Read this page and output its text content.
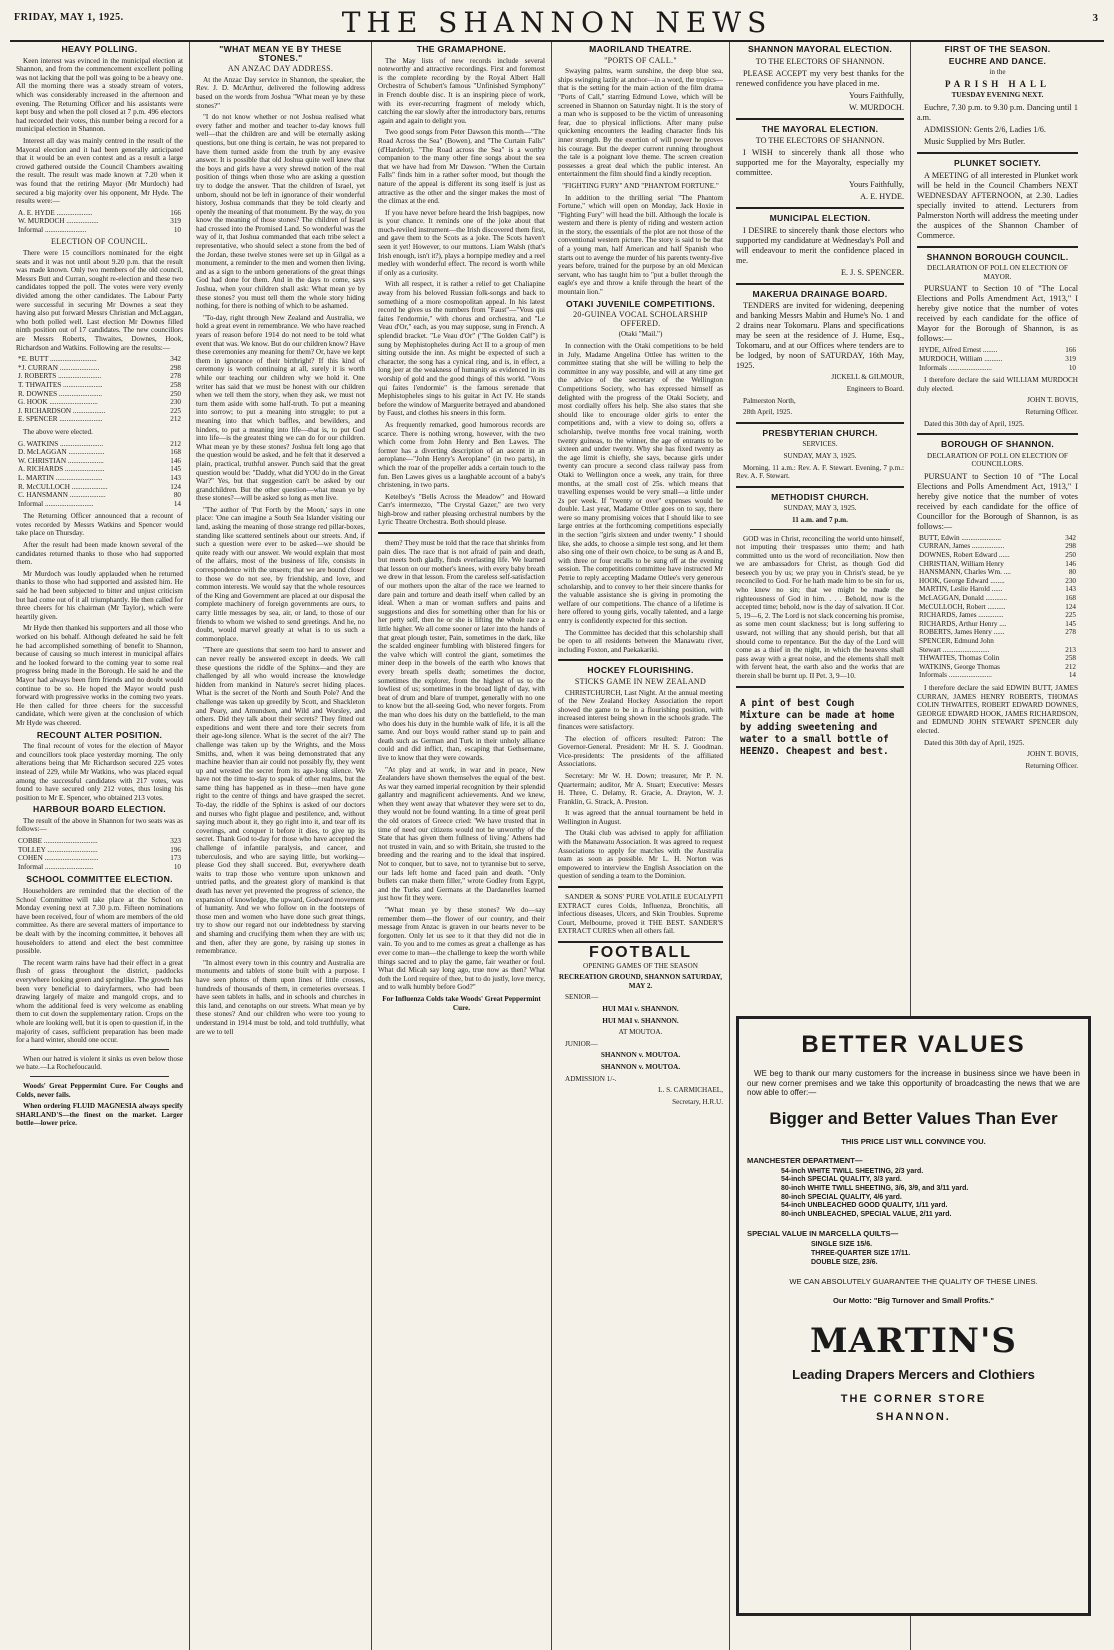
FRIDAY, MAY 1, 1925.	THE SHANNON NEWS	3
HEAVY POLLING.

Keen interest was evinced in the municipal election at Shannon, and from the commencement excellent polling was not lacking that the poll was going to be a heavy one. All the morning there was a steady stream of voters, which was considerably increased in the afternoon and evening. The Returning Officer and his assistants were kept busy and when the poll closed at 7 p.m. 496 electors had recorded their votes, this number being a record for a municipal election in Shannon.

Interest all day was mainly centred in the result of the Mayoral election and it had been generally anticipated that it would be an even contest and as a result a large crowd gathered outside the Council Chambers awaiting the result. The result was made known at 7.20 when it was found that the retiring Mayor (Mr Murdoch) had secured a big majority over his opponent, Mr Hyde. The results were:—

A. E. HYDE ....................	166
W. MURDOCH ..................	319
Informal .......................	10
ELECTION OF COUNCIL.

There were 15 councillors nominated for the eight seats and it was not until about 9.20 p.m. that the result was made known. Only two members of the old council, Messrs Butt and Curran, sought re-election and these two candidates topped the poll. The votes were very evenly divided among the other candidates. The Labour Party were successful in securing Mr Downes a seat they having also put forward Messrs Christian and McLaggan, who both polled well. Last election Mr Downes filled ninth position out of 17 candidates. The new councillors are Messrs Roberts, Thwaites, Downes, Hook, Richardson and Watkins. Following are the results:—

*E. BUTT ..........................	342
*J. CURRAN ......................	298
J. ROBERTS ........................	278
T. THWAITES ......................	258
R. DOWNES ........................	250
G. HOOK ...........................	230
J. RICHARDSON ..................	225
E. SPENCER ........................	212

The above were elected.

G. WATKINS ........................	212
D. McLAGGAN ....................	168
W. CHRISTIAN ....................	146
A. RICHARDS ......................	145
L. MARTIN ..........................	143
R. McCULLOCH ....................	124
C. HANSMANN ....................	80
Informal ...........................	14

The Returning Officer announced that a recount of votes recorded by Messrs Watkins and Spencer would take place on Thursday.

After the result had been made known several of the candidates returned thanks to those who had supported them.

Mr Murdoch was loudly applauded when he returned thanks to those who had supported and assisted him. He said he had been subjected to bitter and unjust criticism but had come out of it all triumphantly. He then called for three cheers for his chairman (Mr Taylor), which were heartily given.

Mr Hyde then thanked his supporters and all those who worked on his behalf. Although defeated he said he felt he had accomplished something of benefit to Shannon, because of causing so much interest in municipal affairs and he looked forward to the coming year to some real progress being made in the Borough. He said he and the Mayor had always been firm friends and no doubt would continue to be so. He hoped the Mayor would push forward with progressive works in the coming two years. He then called for three cheers for the successful candidate, which were given at the conclusion of which Mr Hyde was cheered.

RECOUNT ALTER POSITION.

The final recount of votes for the election of Mayor and councillors took place yesterday morning. The only alterations being that Mr Richardson secured 225 votes instead of 229, while Mr Watkins, who was placed equal among the successful candidates with 217 votes, was found to have secured only 212 votes, thus losing his position to Mr E. Spencer, who obtained 213 votes.

HARBOUR BOARD ELECTION.

The result of the above in Shannon for two seats was as follows:—

COBBE ..............................	323
TOLLEY ............................	196
COHEN ..............................	173
Informal ...........................	10
SCHOOL COMMITTEE ELECTION.

Householders are reminded that the election of the School Committee will take place at the School on Monday evening next at 7.30 p.m. Fifteen nominations have been received, four of whom are members of the old committee. As there are several matters of importance to be dealt with by the incoming committee, it behoves all householders to attend and elect the best committee possible.

The recent warm rains have had their effect in a great flush of grass throughout the district, paddocks everywhere looking green and springlike. The growth has been very beneficial to dairyfarmers, who had been drawing largely of maize and mangold crops, and to whom the additional feed is very welcome as enabling them to cut down the supplementary ration. Crops on the whole are looking well, but it is open to question if, in the majority of cases, sufficient preparation has been made for a hard winter, should one occur.

When our hatred is violent it sinks us even below those we hate.—La Rochefoucauld.

Woods' Great Peppermint Cure. For Coughs and Colds, never fails.

When ordering FLUID MAGNESIA always specify SHARLAND'S—the finest on the market. Larger bottle—lower price.

"WHAT MEAN YE BY THESE STONES."
AN ANZAC DAY ADDRESS.

At the Anzac Day service in Shannon, the speaker, the Rev. J. D. McArthur, delivered the following address based on the words from Joshua "What mean ye by these stones?"

"I do not know whether or not Joshua realised what every father and mother and teacher to-day knows full well—that the children are and will be eternally asking questions, but one thing is certain, he was not prepared to have them turned aside from the truth by any evasive answer. It is possible that old Joshua quite well knew that the boys and girls have a very shrewd notion of the real position of things when those who are asking a question try to dodge the answer. That the children of Israel, yet unborn, should not be left in ignorance of their wonderful history, Joshua commands that they be told clearly and openly the meaning of that monument. By the way, do you know the meaning of those stones? The children of Israel had crossed into the Promised Land. So wonderful was the way of it, that Joshua commanded that each tribe select a representative, who should select a stone from the bed of the Jordan, these twelve stones were set up in Gilgal as a monument, a reminder to the men and women then living, and as a sign to the unborn generations of the great things God had done for them. And in the days to come, says Joshua, when your children shall ask: What mean ye by these stones? you must tell them the whole story hiding nothing, for there is nothing of which to be ashamed.

"To-day, right through New Zealand and Australia, we hold a great event in remembrance. We who have reached years of reason before 1914 do not need to be told what event that was. We know. But do our children know? Have these ceremonies any meaning for them? Or, have we kept them in ignorance of their birthright? If this kind of ceremony is worth continuing at all, surely it is worth while our teaching our children why we hold it. One writer has said that we must be honest with our children when we tell them the story, when they ask, we must not turn them aside with some half-truth. To put a meaning into sorrow; to put a meaning into struggle; to put a meaning into that which baffles, and bewilders, and hinders, to put a meaning into life—that is, to put God into life—is the greatest thing we can do for our children. What mean ye by these stones? Joshua felt long ago that the question would be asked, and he felt that it deserved a plain, practical, truthful answer. Punch said that the great question would be: "Daddy, what did YOU do in the Great War?" Yes, but that suggestion can't be asked by our grandchildren. But the other question—what mean ye by these stones?—will be asked so long as men live.

"The author of 'Put Forth by the Moon,' says in one place: 'One can imagine a South Sea Islander visiting our land, asking the meaning of those strange red pillar-boxes, standing like scattered sentinels about our streets. And, if such a question were ever to be asked—we should be quite ready with our answer. We would explain that most of the affairs, most of the business of life, consists in correspondence with the unseen; that we are bound closer to those we do not see, by friendship, and love, and common interests. We would say that the whole resources of the King and Government are placed at our disposal the complete machinery of foreign governments are ours, to carry little messages by sea, air, or land, to those of our friends to whom we wished to send greetings. And he, no doubt, would marvel greatly at what is to us such a commonplace.

"There are questions that seem too hard to answer and can never really be answered except in deeds. We call these questions the riddle of the Sphinx—and they are challenged by all who would increase the knowledge hidden from mankind in Nature's secret hiding places. What is the secret of the North and South Pole? And the challenge was taken up greedily by Scott, and Shackleton and Peary, and Amundsen, and Wild and Worsley, and others. Did they talk about their secrets? They fitted out expeditions and went there and tore their secrets from their age-long silence. What is the secret of the air? The challenge was taken up by the Wrights, and the Moss Smiths, and, when it was being demonstrated that any machine heavier than air could not possibly fly, they went up and wrested the secret from its age-long silence. We have not the time to-day to speak of other realms, but the same thing has happened as in these—men have gone right to the centre of things and have grasped the secret. To-day, the riddle of the Sphinx is asked of our doctors and nurses who fight plague and pestilence, and, without saying much about it, they go right into it, and tear off its coverings, and conquer it before it dies, to give up its secret. Thank God to-day for those who have accepted the challenge of infantile paralysis, and cancer, and tuberculosis, and who are saying little, but working—please God they shall succeed. But, everywhere death waits to trap those who venture upon unknown and untried paths, and the greatest glory of mankind is that death has never yet prevented the progress of science, the expansion of knowledge, the upward, Godward movement of humanity. And we who follow on in the footsteps of those men and women who have done such great things, try to show our regard not our indebtedness by starving and shaming and crucifying them when they are with us; and then, after they are gone, by raising up stones in remembrance.

"In almost every town in this country and Australia are monuments and tablets of stone built with a purpose. I have seen photos of them upon lines of little crosses, hundreds of thousands of them, in cemeteries overseas. I have seen tablets in halls, and in schools and churches in this land, and cenotaphs on our streets. What mean ye by these stones? And our children who were too young to understand in 1914 must be told, and told truthfully, what are we to tell

THE GRAMAPHONE.

The May lists of new records include several noteworthy and attractive recordings. First and foremost is the complete recording by the Royal Albert Hall Orchestra of Schubert's famous "Unfinished Symphony" in French double disc. It is an inspiring piece of work, with its ever-recurring fragment of melody which, catching the ear slowly after the introductory bars, returns again and again to delight you.

Two good songs from Peter Dawson this month—"The Road Across the Sea" (Bowen), and "The Curtain Falls" (d'Hardelot). "The Road across the Sea" is a worthy companion to the many other fine songs about the sea that we have had from Mr Dawson. "When the Curtain Falls" finds him in a rather softer mood, but though the nature of the appeal is different its song itself is just as attractive as the other and the singer makes the most of the climax at the end.

If you have never before heard the Irish bagpipes, now is your chance. It reminds one of the joke about that much-reviled instrument—the Irish discovered them first, and gave them to the Scots as a joke. The Scots haven't seen it yet! However, to our muttons. Liam Walsh (that's Irish enough, isn't it?), plays a hornpipe medley and a reel medley with wonderful effect. The record is worth while if only as a curiosity.

With all respect, it is rather a relief to get Chaliapine away from his beloved Russian folk-songs and back to something of a more cosmopolitan appeal. In his latest record he gives us the numbers from "Faust"—"Vous qui faites l'endormie," with chorus and orchestra, and "Le Veau d'Or," each, as you may suppose, sung in French. A splendid bracket. "Le Veau d'Or" ("The Golden Calf") is sung by Mephistopheles during Act II to a group of men sitting outside the inn. As might be expected of such a character, the song has a cynical ring, and is, in effect, a long jeer at the weakness of humanity as evidenced in its worship of gold and the good things of this world. "Vous qui faites l'endormie" is the famous serenade that Mephistopheles sings to his guitar in Act IV. He stands before the window of Marguerite betrayed and abandoned by Faust, and clothes his sneers in this form.

As frequently remarked, good humorous records are scarce. There is nothing wrong, however, with the two which come from John Henry and Ben Lawes. The former has a diverting description of an ascent in an aeroplane—"John Henry's Aeroplane" (in two parts), in which the roar of the propeller adds a certain touch to the fun. Ben Lawes gives us a laughable account of a baby's christening, in two parts.

Ketelbey's "Bells Across the Meadow" and Howard Carr's intermezzo, "The Crystal Gazer," are two very high-brow and rather pleasing orchestral numbers by the Lyric Theatre Orchestra. Both should please.

them? They must be told that the race that shrinks from pain dies. The race that is not afraid of pain and death, but meets both gladly, finds everlasting life. We learned that lesson on our mother's knees, with every baby breath we drew in that lesson. From the careless self-satisfaction of our mothers upon the altar of the race we learned to dare pain and torture and death itself when called by an ideal. When a man or woman suffers and pains and suggestions and dies for something other than for his or her petty self, then he or she is lifting the whole race a little higher. We all come sooner or later into the hands of that great plough tester, Pain, sometimes in the dark, like the scalded engineer fumbling with blistered fingers for the valve which will control the giant, sometimes the miner deep in the bowels of the earth who knows that every breath spells death; sometimes the doctor, sometimes the explorer, from the highest of us to the lowliest of us; sometimes in the broad light of day, with beat of drum and blare of trumpet, generally with no one to know but the all-seeing God, who never forgets. From the man who does his duty on the battlefield, to the man who does his duty in the humble walk of life, it is all the same. And our boys would rather stand up to pain and death such as German and Turk in their unholy alliance could and did inflict, than, escaping that Gethsemane, live to know that they were cowards.

"At play and at work, in war and in peace, New Zealanders have shown themselves the equal of the best. As war they earned imperial recognition by their splendid gallantry and magnificent achievements. And we knew, when they went away that whatever they were set to do, they would not be found wanting. In a time of great peril the old orators of Greece cried: 'We have trusted that in time of need our citizens would not be unworthy of the State that has given them fullness of living.' Athens had not trusted in vain, and so with Britain, she trusted to the breeding and the rearing and to the ideal that inspired. Not to conquer, but to save, not to tyrannise but to serve, our lads left home and faced pain and death. "Only bullets can make them filler," wrote Godley from Egypt, and the Turks and Germans at the Dardanelles learned just how fit they were.

"What mean ye by these stones? We do—say remember them—the flower of our country, and their message from Anzac is graven in our hearts never to be forgotten. Only let us see to it that they did not die in vain. To you and to me comes as great a challenge as has ever come to man—the challenge to keep the worth while things sacred and to play the game, fair weather or foul. What did Micah say long ago, true now as then? What doth the Lord require of thee, but to do justly, love mercy, and to walk humbly before God?"

For Influenza Colds take Woods' Great Peppermint Cure.

MAORILAND THEATRE.
"PORTS OF CALL."

Swaying palms, warm sunshine, the deep blue sea, ships swinging lazily at anchor—in a word, the tropics—that is the setting for the main action of the film drama "Ports of Call," starring Edmund Lowe, which will be screened in Shannon on Saturday night. It is the story of a man who is supposed to be the victim of unreasoning fear, due to physical inflictions. After many pulse quickening encounters the leading character finds his inner strength. By the exertion of will power he proves his courage. But the deeper current running throughout the tale is a poignant love theme. The screen creation possesses a great deal which the public interest. An entertainment the film should find a kindly reception.

"FIGHTING FURY" AND "PHANTOM FORTUNE."

In addition to the thrilling serial "The Phantom Fortune," which will open on Monday, Jack Hoxie in "Fighting Fury" will head the bill. Although the locale is western and there is plenty of riding and western action in the story, the essentials of the plot are not those of the conventional western picture. The story is said to be that of a young man, half American and half Spanish who starts out to avenge the murder of his parents twenty-five years before, trained for the purpose by an old Mexican servant, who has taught him to "put a bullet through the eagle's eye and throw a knife through the heart of the mountain lion."

OTAKI JUVENILE COMPETITIONS.
20-GUINEA VOCAL SCHOLARSHIP OFFERED.

(Otaki "Mail.")

In connection with the Otaki competitions to be held in July, Madame Angelina Ottlee has written to the committee stating that she will be willing to help the committee in any way possible, and will at any time get the advice of the secretary of the Wellington Competitions Society, who has expressed himself as delighted with the progress of the Otaki Society, and most cordially offers his help. She also states that she should like to encourage older girls to enter the competitions and, with a view to doing so, offers a scholarship, twelve months free vocal training, worth twenty guineas, to the winner, the age of entrants to be sixteen and under twenty. Why she has fixed twenty as the age limit is chiefly, she says, because girls under twenty can procure a second class railway pass from Otaki to Wellington once a week, any train, for three months, at the small cost of 25s. which means that travelling expenses would be very small—a little under 2s per week. If "twenty or over" expenses would be double. Last year, Madame Ottlee goes on to say, there were so many promising voices that I should like to see large entries at the forthcoming competitions especially in the section "girls sixteen and under twenty." I should like, she adds, to choose a simple test song, and let them also sing one of their own choice, to be sung as A and B, with three or four recalls to be sung off at the evening session. The competitions committee have instructed Mr Petrie to reply accepting Madame Ottlee's very generous scholarship, and to convey to her their sincere thanks for the valuable assistance she is giving in promoting the welfare of our competitions. The chance of a lifetime is here offered to young girls, vocally talented, and a large entry is confidently expected for this section.

The Committee has decided that this scholarship shall be open to all residents between the Manawatu river, including Foxton, and Paekakariki.

HOCKEY FLOURISHING.
STICKS GAME IN NEW ZEALAND

CHRISTCHURCH, Last Night. At the annual meeting of the New Zealand Hockey Association the report showed the game to be in a flourishing position, with increased interest being shown in the schools grade. The finances were satisfactory.

The election of officers resulted: Patron: The Governor-General. President: Mr H. S. J. Goodman. Vice-presidents: The presidents of the affiliated Associations.

Secretary: Mr W. H. Down; treasurer, Mr P. N. Quartermain; auditor, Mr A. Stuart; Executive: Messrs H. Three, C. Delamy, R. Gracie, A. Drayton, W. J. Franklin, G. Strack, A. Preston.

It was agreed that the annual tournament be held in Wellington in August.

The Otaki club was advised to apply for affiliation with the Manawatu Association. It was agreed to request Associations to apply for matches with the Australia team as soon as possible. Mr L. H. Norton was empowered to interview the English Association on the question of sending a team to the Dominion.

SANDER & SONS' PURE VOLATILE EUCALYPTI EXTRACT cures Colds, Influenza, Bronchitis, all infectious diseases, Ulcers, and Skin Troubles. Supreme Court, Melbourne, proved it THE BEST. SANDER'S EXTRACT CURES when all others fail.

FOOTBALL

OPENING GAMES OF THE SEASON

RECREATION GROUND, SHANNON SATURDAY, MAY 2.

SENIOR—

HUI MAI v. SHANNON.

HUI MAI v. SHANNON.

AT MOUTOA.

JUNIOR—

SHANNON v. MOUTOA.

SHANNON v. MOUTOA.

ADMISSION 1/-.

L. S. CARMICHAEL,

Secretary, H.R.U.

SHANNON MAYORAL ELECTION.

TO THE ELECTORS OF SHANNON.

PLEASE ACCEPT my very best thanks for the renewed confidence you have placed in me.

Yours Faithfully,

W. MURDOCH.

THE MAYORAL ELECTION.

TO THE ELECTORS OF SHANNON.

I WISH to sincerely thank all those who supported me for the Mayoralty, especially my committee.

Yours Faithfully,

A. E. HYDE.

MUNICIPAL ELECTION.

I DESIRE to sincerely thank those electors who supported my candidature at Wednesday's Poll and will endeavour to merit the confidence placed in me.

E. J. S. SPENCER.

MAKERUA DRAINAGE BOARD.

TENDERS are invited for widening, deepening and banking Messrs Mabin and Hume's No. 1 and 2 drains near Tokomaru. Plans and specifications may be seen at the residence of J. Hume, Esq., Tokomaru, and at our Offices where tenders are to be lodged, by noon of SATURDAY, 16th May, 1925.

JICKELL & GILMOUR,

Engineers to Board.

Palmerston North,

28th April, 1925.

PRESBYTERIAN CHURCH.

SERVICES.

SUNDAY, MAY 3, 1925.

Morning, 11 a.m.: Rev. A. F. Stewart. Evening, 7 p.m.: Rev. A. F. Stewart.

METHODIST CHURCH.

SUNDAY, MAY 3, 1925.

11 a.m. and 7 p.m.

GOD was in Christ, reconciling the world unto himself, not imputing their trespasses unto them; and hath committed unto us the word of reconciliation. Now then we are ambassadors for Christ, as though God did beseech you by us; we pray you in Christ's stead, be ye reconciled to God. For he hath made him to be sin for us, who knew no sin; that we might be made the righteousness of God in him. . . . Behold, now is the accepted time; behold, now is the day of salvation. II Cor. 5, 19—6, 2. The Lord is not slack concerning his promise, as some men count slackness; but is long suffering to usward, not willing that any should perish, but that all should come to repentance. But the day of the Lord will come as a thief in the night, in which the heavens shall pass away with a great noise, and the elements shall melt with fervent heat, the earth also and the works that are therein shall be burnt up. II Pet. 3, 9—10.

A pint of best Cough Mixture can be made at home by adding sweetening and water to a small bottle of HEENZO. Cheapest and best.
FIRST OF THE SEASON.
EUCHRE AND DANCE.

in the

PARISH HALL

TUESDAY EVENING NEXT.

Euchre, 7.30 p.m. to 9.30 p.m. Dancing until 1 a.m.

ADMISSION: Gents 2/6, Ladies 1/6.

Music Supplied by Mrs Butler.

PLUNKET SOCIETY.

A MEETING of all interested in Plunket work will be held in the Council Chambers NEXT WEDNESDAY AFTERNOON, at 2.30. Ladies specially invited to attend. Lecturers from Palmerston North will address the meeting under the auspices of the Shannon Chamber of Commerce.

SHANNON BOROUGH COUNCIL.

DECLARATION OF POLL ON ELECTION OF MAYOR.

PURSUANT to Section 10 of "The Local Elections and Polls Amendment Act, 1913," I hereby give notice that the number of votes received by each candidate for the office of Mayor for the Borough of Shannon, is as follows:—

HYDE, Alfred Ernest ........	166
MURDOCH, William ..........	319
Informals ........................	10

I therefore declare the said WILLIAM MURDOCH duly elected.

JOHN T. BOVIS,

Returning Officer.

Dated this 30th day of April, 1925.

BOROUGH OF SHANNON.

DECLARATION OF POLL ON ELECTION OF COUNCILLORS.

PURSUANT to Section 10 of "The Local Elections and Polls Amendment Act, 1913," I hereby give notice that the number of votes received by each candidate for the office of Councillor for the Borough of Shannon, is as follows:—

BUTT, Edwin ......................	342
CURRAN, James ..................	298
DOWNES, Robert Edward ......	250
CHRISTIAN, William Henry	146
HANSMANN, Charles Wm. ....	80
HOOK, George Edward ........	230
MARTIN, Leslie Harold ......	143
McLAGGAN, Donald ............	168
McCULLOCH, Robert ..........	124
RICHARDS, James ..............	225
RICHARDS, Arthur Henry ....	145
ROBERTS, James Henry ......	278
SPENCER, Edmund John	
Stewart ..........................	213
THWAITES, Thomas Colin	258
WATKINS, George Thomas	212
Informals ........................	14

I therefore declare the said EDWIN BUTT, JAMES CURRAN, JAMES HENRY ROBERTS, THOMAS COLIN THWAITES, ROBERT EDWARD DOWNES, GEORGE EDWARD HOOK, JAMES RICHARDSON, and EDMUND JOHN STEWART SPENCER duly elected.

Dated this 30th day of April, 1925.

JOHN T. BOVIS,

Returning Officer.

BETTER VALUES

WE beg to thank our many customers for the increase in business since we have been in our new corner premises and we take this opportunity of broadcasting the news that we are now able to offer:—

Bigger and Better Values Than Ever
THIS PRICE LIST WILL CONVINCE YOU.
MANCHESTER DEPARTMENT—
54-inch WHITE TWILL SHEETING, 2/3 yard.
54-inch SPECIAL QUALITY, 3/3 yard.
80-inch WHITE TWILL SHEETING, 3/6, 3/9, and 3/11 yard.
80-inch SPECIAL QUALITY, 4/6 yard.
54-inch UNBLEACHED GOOD QUALITY, 1/11 yard.
80-inch UNBLEACHED, SPECIAL VALUE, 2/11 yard.
SPECIAL VALUE IN MARCELLA QUILTS—
SINGLE SIZE 15/6.
THREE-QUARTER SIZE 17/11.
DOUBLE SIZE, 23/6.
WE CAN ABSOLUTELY GUARANTEE THE QUALITY OF THESE LINES.
Our Motto: "Big Turnover and Small Profits."
MARTIN'S
Leading Drapers Mercers and Clothiers
THE CORNER STORE
SHANNON.
